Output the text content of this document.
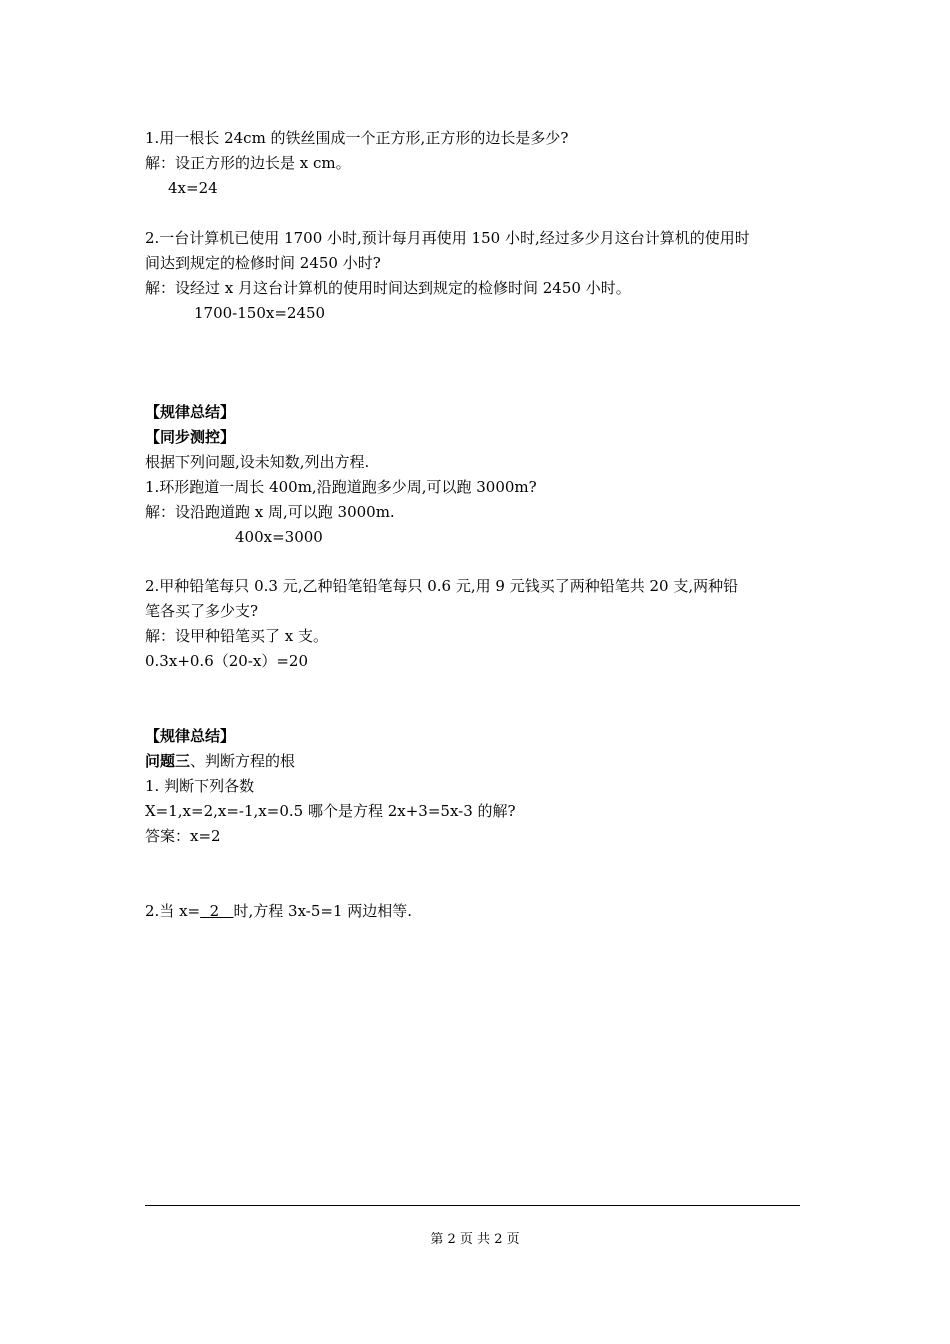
1.用一根长 24cm 的铁丝围成一个正方形,正方形的边长是多少?
解：设正方形的边长是 x cm。
4x=24
2.一台计算机已使用 1700 小时,预计每月再使用 150 小时,经过多少月这台计算机的使用时
间达到规定的检修时间 2450 小时?
解：设经过 x 月这台计算机的使用时间达到规定的检修时间 2450 小时。
1700-150x=2450
【规律总结】
【同步测控】
根据下列问题,设未知数,列出方程.
1.环形跑道一周长 400m,沿跑道跑多少周,可以跑 3000m?
解：设沿跑道跑 x 周,可以跑 3000m.
400x=3000
2.甲种铅笔每只 0.3 元,乙种铅笔铅笔每只 0.6 元,用 9 元钱买了两种铅笔共 20 支,两种铅
笔各买了多少支?
解：设甲种铅笔买了 x 支。
0.3x+0.6（20-x）=20
【规律总结】
问题三、判断方程的根
1. 判断下列各数
X=1,x=2,x=-1,x=0.5 哪个是方程 2x+3=5x-3 的解?
答案：x=2
2.当 x=  2   时,方程 3x-5=1 两边相等.
第 2 页 共 2 页
